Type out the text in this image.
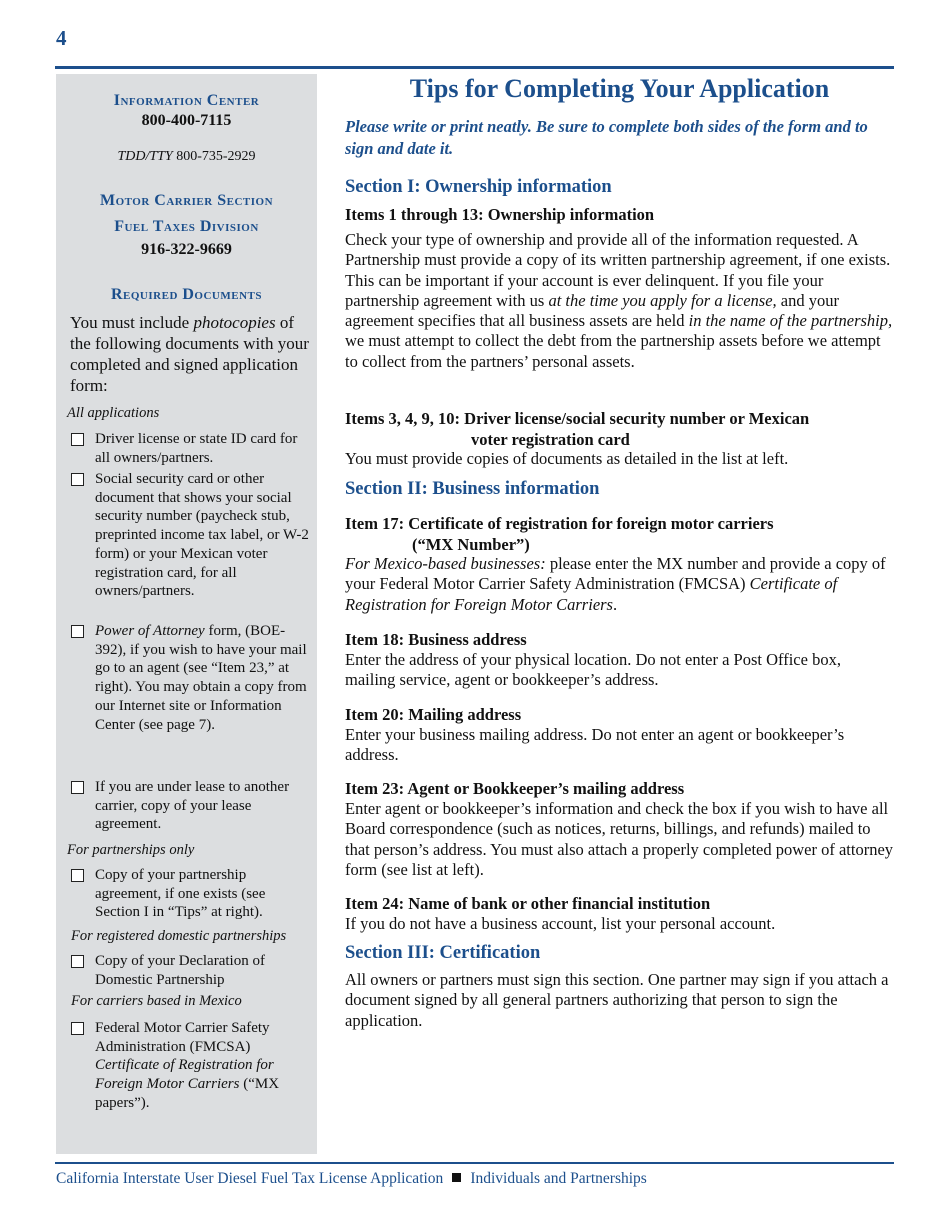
4
Information Center
800-400-7115
TDD/TTY 800-735-2929
Motor Carrier Section
Fuel Taxes Division
916-322-9669
Required Documents
You must include photocopies of the following documents with your completed and signed application form:
All applications
Driver license or state ID card for all owners/partners.
Social security card or other document that shows your social security number (paycheck stub, preprinted income tax label, or W-2 form) or your Mexican voter registration card, for all owners/partners.
Power of Attorney form, (BOE-392), if you wish to have your mail go to an agent (see “Item 23,” at right). You may obtain a copy from our Internet site or Information Center (see page 7).
If you are under lease to another carrier, copy of your lease agreement.
For partnerships only
Copy of your partnership agreement, if one exists (see Section I in “Tips” at right).
For registered domestic partnerships
Copy of your Declaration of Domestic Partnership
For carriers based in Mexico
Federal Motor Carrier Safety Administration (FMCSA) Certificate of Registration for Foreign Motor Carriers (“MX papers”).
Tips for Completing Your Application
Please write or print neatly. Be sure to complete both sides of the form and to sign and date it.
Section I: Ownership information
Items 1 through 13: Ownership information
Check your type of ownership and provide all of the information requested. A Partnership must provide a copy of its written partnership agreement, if one exists. This can be important if your account is ever delinquent. If you file your partnership agreement with us at the time you apply for a license, and your agreement specifies that all business assets are held in the name of the partnership, we must attempt to collect the debt from the partnership assets before we attempt to collect from the partners’ personal assets.
Items 3, 4, 9, 10: Driver license/social security number or Mexican
voter registration card
You must provide copies of documents as detailed in the list at left.
Section II: Business information
Item 17: Certificate of registration for foreign motor carriers
(“MX Number”)
For Mexico-based businesses: please enter the MX number and provide a copy of your Federal Motor Carrier Safety Administration (FMCSA) Certificate of Registration for Foreign Motor Carriers.
Item 18: Business address
Enter the address of your physical location. Do not enter a Post Office box, mailing service, agent or bookkeeper’s address.
Item 20: Mailing address
Enter your business mailing address. Do not enter an agent or bookkeeper’s address.
Item 23: Agent or Bookkeeper’s mailing address
Enter agent or bookkeeper’s information and check the box if you wish to have all Board correspondence (such as notices, returns, billings, and refunds) mailed to that person’s address. You must also attach a properly completed power of attorney form (see list at left).
Item 24: Name of bank or other financial institution
If you do not have a business account, list your personal account.
Section III: Certification
All owners or partners must sign this section. One partner may sign if you attach a document signed by all general partners authorizing that person to sign the application.
California Interstate User Diesel Fuel Tax License Application Individuals and Partnerships
